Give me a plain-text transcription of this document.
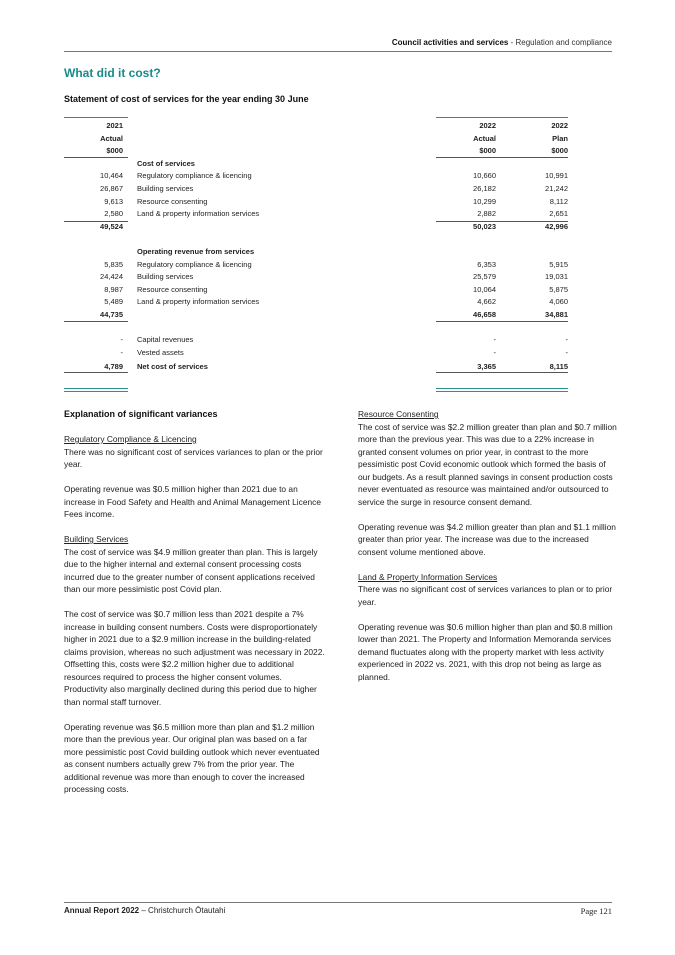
Council activities and services - Regulation and compliance
What did it cost?
Statement of cost of services for the year ending 30 June
2021	2022	2022
Actual	Actual	Plan
$000	$000	$000
Cost of services
10,464 Regulatory compliance & licencing	10,660	10,991
26,867 Building services	26,182	21,242
9,613 Resource consenting	10,299	8,112
2,580 Land & property information services	2,882	2,651
49,524	50,023	42,996
Operating revenue from services
5,835 Regulatory compliance & licencing	6,353	5,915
24,424 Building services	25,579	19,031
8,987 Resource consenting	10,064	5,875
5,489 Land & property information services	4,662	4,060
44,735	46,658	34,881
- Capital revenues	-	-
- Vested assets	-	-
4,789 Net cost of services	3,365	8,115
Explanation of significant variances
Regulatory Compliance & Licencing

There was no significant cost of services variances to plan or the prior year.

Operating revenue was $0.5 million higher than 2021 due to an increase in Food Safety and Health and Animal Management Licence Fees income.

Building Services

The cost of service was $4.9 million greater than plan. This is largely due to the higher internal and external consent processing costs incurred due to the greater number of consent applications received than our more pessimistic post Covid plan.

The cost of service was $0.7 million less than 2021 despite a 7% increase in building consent numbers. Costs were disproportionately higher in 2021 due to a $2.9 million increase in the building-related claims provision, whereas no such adjustment was necessary in 2022. Offsetting this, costs were $2.2 million higher due to additional resources required to process the higher consent volumes. Productivity also marginally declined during this period due to higher than normal staff turnover.

Operating revenue was $6.5 million more than plan and $1.2 million more than the previous year. Our original plan was based on a far more pessimistic post Covid building outlook which never eventuated as consent numbers actually grew 7% from the prior year. The additional revenue was more than enough to cover the increased processing costs.

Resource Consenting

The cost of service was $2.2 million greater than plan and $0.7 million more than the previous year. This was due to a 22% increase in granted consent volumes on prior year, in contrast to the more pessimistic post Covid economic outlook which formed the basis of our budgets. As a result planned savings in consent production costs never eventuated as resource was maintained and/or outsourced to service the surge in resource consent demand.

Operating revenue was $4.2 million greater than plan and $1.1 million greater than prior year. The increase was due to the increased consent volume mentioned above.

Land & Property Information Services

There was no significant cost of services variances to plan or to prior year.

Operating revenue was $0.6 million higher than plan and $0.8 million lower than 2021. The Property and Information Memoranda services demand fluctuates along with the property market with less activity experienced in 2022 vs. 2021, with this drop not being as large as planned.

Annual Report 2022 – Christchurch Ōtautahi	Page 121
